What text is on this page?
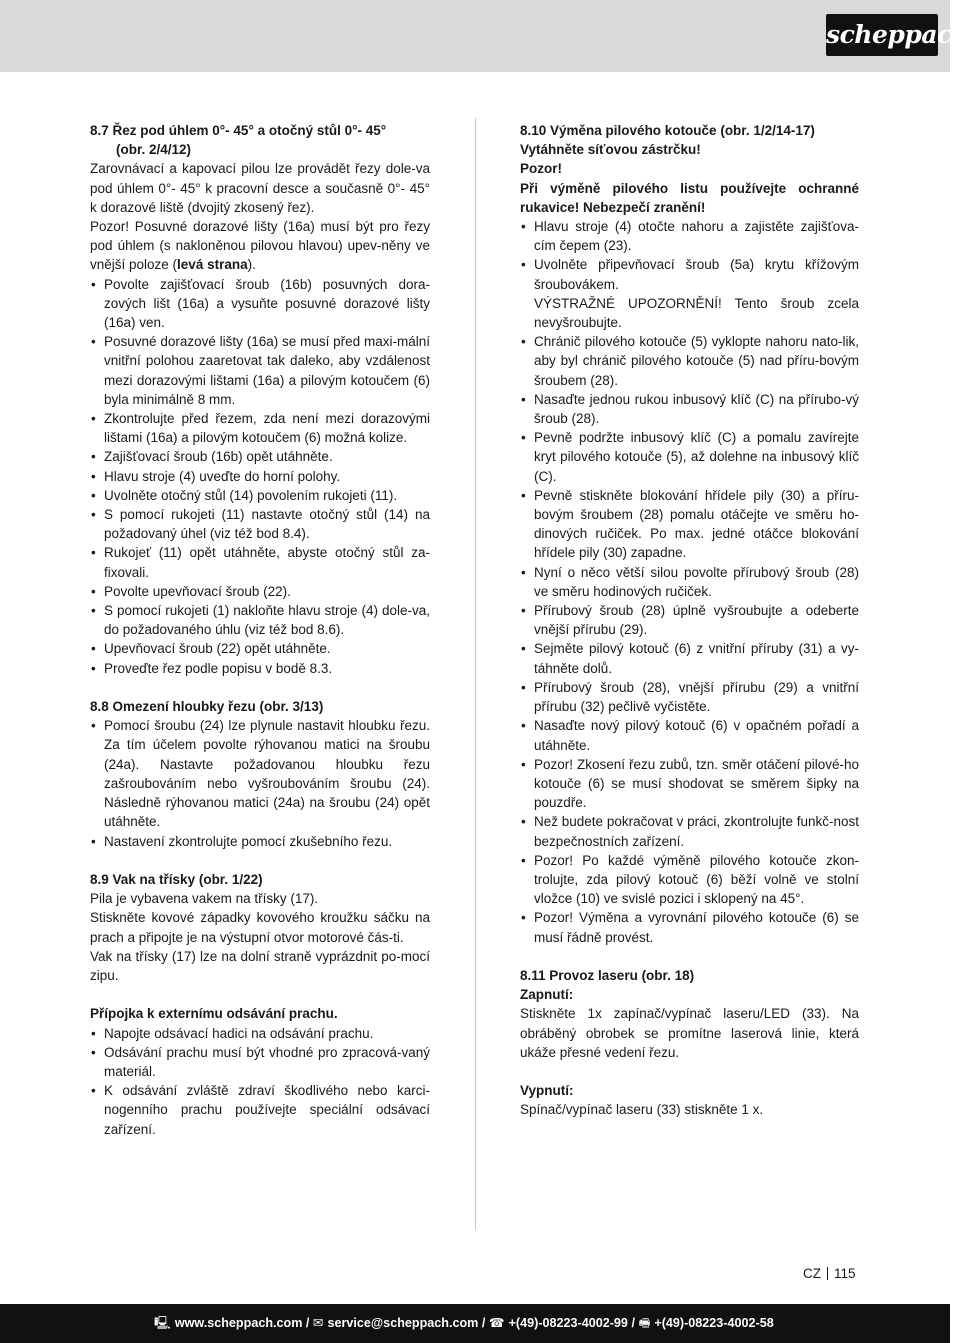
scheppach

8.7 Řez pod úhlem 0°- 45° a otočný stůl 0°- 45°
(obr. 2/4/12)

Zarovnávací a kapovací pilou lze provádět řezy dole-va pod úhlem 0°- 45° k pracovní desce a současně 0°- 45° k dorazové liště (dvojitý zkosený řez).

Pozor! Posuvné dorazové lišty (16a) musí být pro řezy pod úhlem (s nakloněnou pilovou hlavou) upev-něny ve vnější poloze (levá strana).

• Povolte zajišťovací šroub (16b) posuvných dora-zových lišt (16a) a vysuňte posuvné dorazové lišty (16a) ven.
• Posuvné dorazové lišty (16a) se musí před maxi-mální vnitřní polohou zaaretovat tak daleko, aby vzdálenost mezi dorazovými lištami (16a) a pilovým kotoučem (6) byla minimálně 8 mm.
• Zkontrolujte před řezem, zda není mezi dorazovými lištami (16a) a pilovým kotoučem (6) možná kolize.
• Zajišťovací šroub (16b) opět utáhněte.
• Hlavu stroje (4) uveďte do horní polohy.
• Uvolněte otočný stůl (14) povolením rukojeti (11).
• S pomocí rukojeti (11) nastavte otočný stůl (14) na požadovaný úhel (viz též bod 8.4).
• Rukojeť (11) opět utáhněte, abyste otočný stůl za-fixovali.
• Povolte upevňovací šroub (22).
• S pomocí rukojeti (1) nakloňte hlavu stroje (4) dole-va, do požadovaného úhlu (viz též bod 8.6).
• Upevňovací šroub (22) opět utáhněte.
• Proveďte řez podle popisu v bodě 8.3.

8.8 Omezení hloubky řezu (obr. 3/13)

• Pomocí šroubu (24) lze plynule nastavit hloubku řezu. Za tím účelem povolte rýhovanou matici na šroubu (24a). Nastavte požadovanou hloubku řezu zašroubováním nebo vyšroubováním šroubu (24). Následně rýhovanou matici (24a) na šroubu (24) opět utáhněte.
• Nastavení zkontrolujte pomocí zkušebního řezu.

8.9 Vak na třísky (obr. 1/22)

Pila je vybavena vakem na třísky (17).

Stiskněte kovové západky kovového kroužku sáčku na prach a připojte je na výstupní otvor motorové čás-ti.

Vak na třísky (17) lze na dolní straně vyprázdnit po-mocí zipu.

Přípojka k externímu odsávání prachu.

• Napojte odsávací hadici na odsávání prachu.
• Odsávání prachu musí být vhodné pro zpracová-vaný materiál.
• K odsávání zvláště zdraví škodlivého nebo karci-nogenního prachu používejte speciální odsávací zařízení.

8.10 Výměna pilového kotouče (obr. 1/2/14-17)

Vytáhněte síťovou zástrčku!

Pozor!

Při výměně pilového listu používejte ochranné rukavice! Nebezpečí zranění!

• Hlavu stroje (4) otočte nahoru a zajistěte zajišťova-cím čepem (23).
• Uvolněte připevňovací šroub (5a) krytu křížovým šroubovákem.
VÝSTRAŽNÉ UPOZORNĚNÍ! Tento šroub zcela nevyšroubujte.
• Chránič pilového kotouče (5) vyklopte nahoru nato-lik, aby byl chránič pilového kotouče (5) nad příru-bovým šroubem (28).
• Nasaďte jednou rukou inbusový klíč (C) na přírubo-vý šroub (28).
• Pevně podržte inbusový klíč (C) a pomalu zavírejte kryt pilového kotouče (5), až dolehne na inbusový klíč (C).
• Pevně stiskněte blokování hřídele pily (30) a příru-bovým šroubem (28) pomalu otáčejte ve směru ho-dinových ručiček. Po max. jedné otáčce blokování hřídele pily (30) zapadne.
• Nyní o něco větší silou povolte přírubový šroub (28) ve směru hodinových ručiček.
• Přírubový šroub (28) úplně vyšroubujte a odeberte vnější přírubu (29).
• Sejměte pilový kotouč (6) z vnitřní příruby (31) a vy-táhněte dolů.
• Přírubový šroub (28), vnější přírubu (29) a vnitřní přírubu (32) pečlivě vyčistěte.
• Nasaďte nový pilový kotouč (6) v opačném pořadí a utáhněte.
• Pozor! Zkosení řezu zubů, tzn. směr otáčení pilové-ho kotouče (6) se musí shodovat se směrem šipky na pouzdře.
• Než budete pokračovat v práci, zkontrolujte funkč-nost bezpečnostních zařízení.
• Pozor! Po každé výměně pilového kotouče zkon-trolujte, zda pilový kotouč (6) běží volně ve stolní vložce (10) ve svislé pozici i sklopený na 45°.
• Pozor! Výměna a vyrovnání pilového kotouče (6) se musí řádně provést.

8.11 Provoz laseru (obr. 18)

Zapnutí:

Stiskněte 1x zapínač/vypínač laseru/LED (33). Na obráběný obrobek se promítne laserová linie, která ukáže přesné vedení řezu.

Vypnutí:

Spínač/vypínač laseru (33) stiskněte 1 x.

CZ 115
🖳 www.scheppach.com / ✉ service@scheppach.com / ☎ +(49)-08223-4002-99 / 🖷 +(49)-08223-4002-58
